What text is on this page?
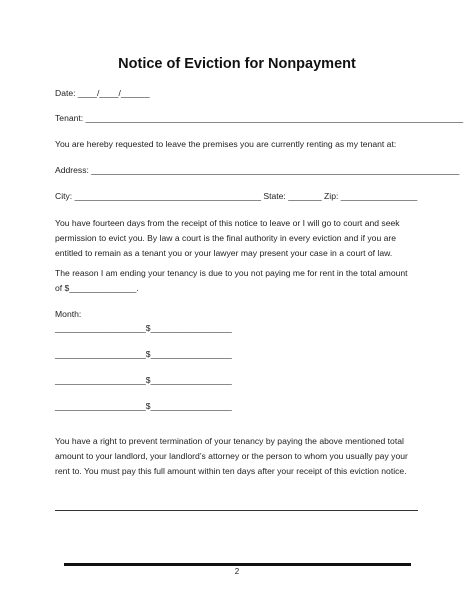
Notice of Eviction for Nonpayment
Date: ____/____/______
Tenant: _______________________________________________________________________________
You are hereby requested to leave the premises you are currently renting as my tenant at:
Address: _____________________________________________________________________________
City: _______________________________________ State: _______ Zip: ________________
You have fourteen days from the receipt of this notice to leave or I will go to court and seek
permission to evict you. By law a court is the final authority in every eviction and if you are
entitled to remain as a tenant you or your lawyer may present your case in a court of law.
The reason I am ending your tenancy is due to you not paying me for rent in the total amount
of $______________.
Month:
___________________$_________________
___________________$_________________
___________________$_________________
___________________$_________________
You have a right to prevent termination of your tenancy by paying the above mentioned total
amount to your landlord, your landlord’s attorney or the person to whom you usually pay your
rent to. You must pay this full amount within ten days after your receipt of this eviction notice.
2
